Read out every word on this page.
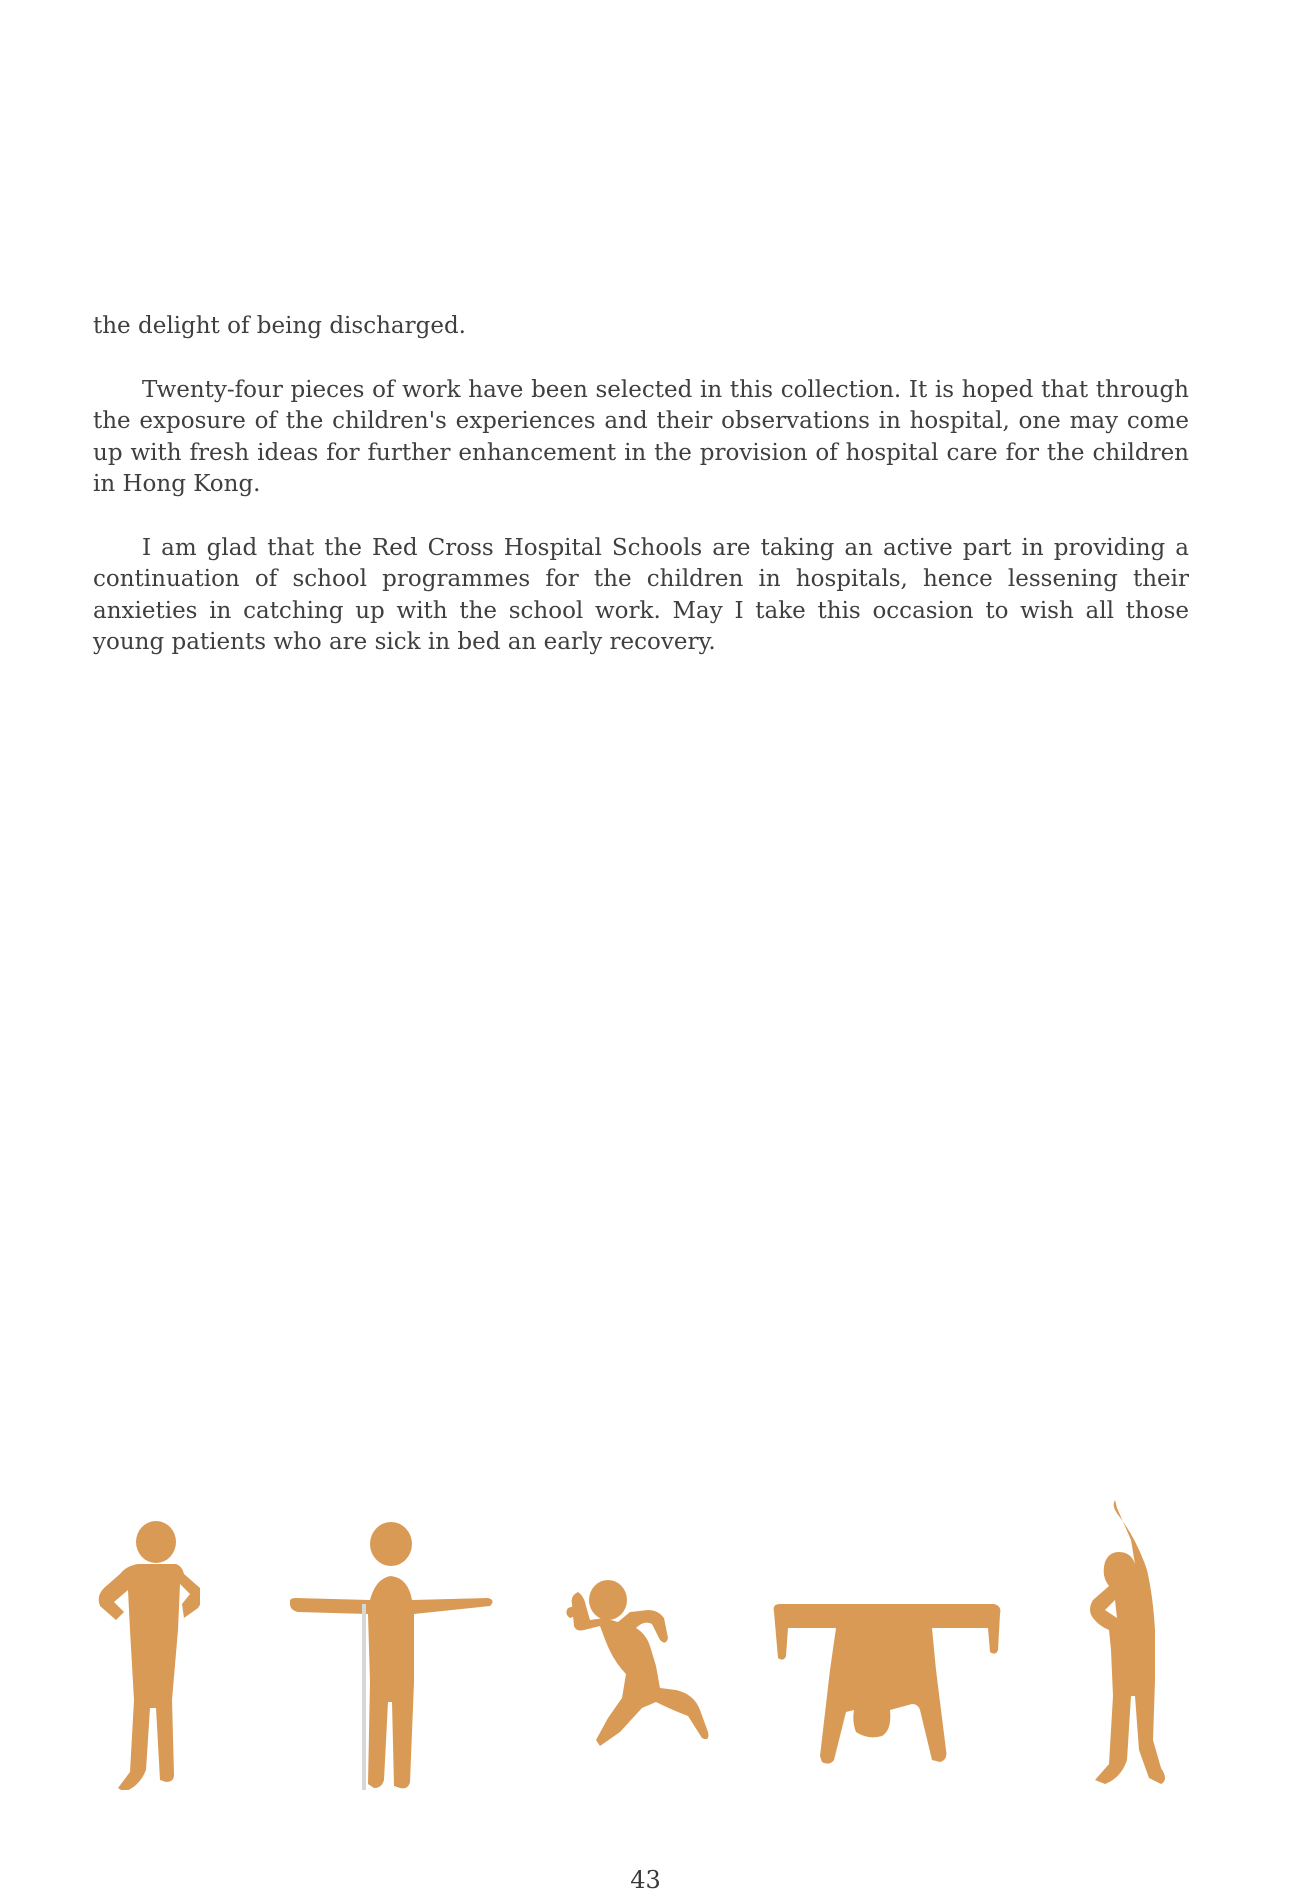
the delight of being discharged.

Twenty-four pieces of work have been selected in this collection. It is hoped that through the exposure of the children's experiences and their observations in hospital, one may come up with fresh ideas for further enhancement in the provision of hospital care for the children in Hong Kong.

I am glad that the Red Cross Hospital Schools are taking an active part in providing a continuation of school programmes for the children in hospitals, hence lessening their anxieties in catching up with the school work. May I take this occasion to wish all those young patients who are sick in bed an early recovery.

43
